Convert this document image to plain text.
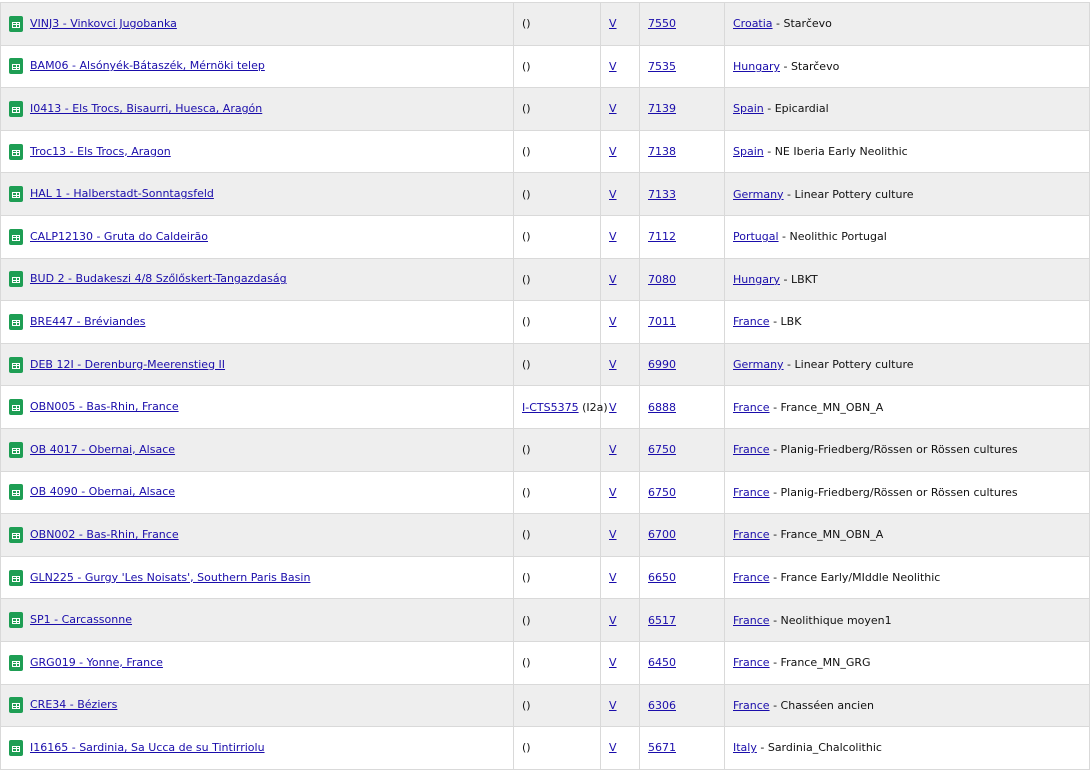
VINJ3 - Vinkovci Jugobanka	()	V	7550	Croatia - Starčevo
BAM06 - Alsónyék-Bátaszék, Mérnöki telep	()	V	7535	Hungary - Starčevo
I0413 - Els Trocs, Bisaurri, Huesca, Aragón	()	V	7139	Spain - Epicardial
Troc13 - Els Trocs, Aragon	()	V	7138	Spain - NE Iberia Early Neolithic
HAL 1 - Halberstadt-Sonntagsfeld	()	V	7133	Germany - Linear Pottery culture
CALP12130 - Gruta do Caldeirão	()	V	7112	Portugal - Neolithic Portugal
BUD 2 - Budakeszi 4/8 Szőlőskert-Tangazdaság	()	V	7080	Hungary - LBKT
BRE447 - Bréviandes	()	V	7011	France - LBK
DEB 12I - Derenburg-Meerenstieg II	()	V	6990	Germany - Linear Pottery culture
OBN005 - Bas-Rhin, France	I-CTS5375 (I2a)	V	6888	France - France_MN_OBN_A
OB 4017 - Obernai, Alsace	()	V	6750	France - Planig-Friedberg/Rössen or Rössen cultures
OB 4090 - Obernai, Alsace	()	V	6750	France - Planig-Friedberg/Rössen or Rössen cultures
OBN002 - Bas-Rhin, France	()	V	6700	France - France_MN_OBN_A
GLN225 - Gurgy 'Les Noisats', Southern Paris Basin	()	V	6650	France - France Early/MIddle Neolithic
SP1 - Carcassonne	()	V	6517	France - Neolithique moyen1
GRG019 - Yonne, France	()	V	6450	France - France_MN_GRG
CRE34 - Béziers	()	V	6306	France - Chasséen ancien
I16165 - Sardinia, Sa Ucca de su Tintirriolu	()	V	5671	Italy - Sardinia_Chalcolithic
